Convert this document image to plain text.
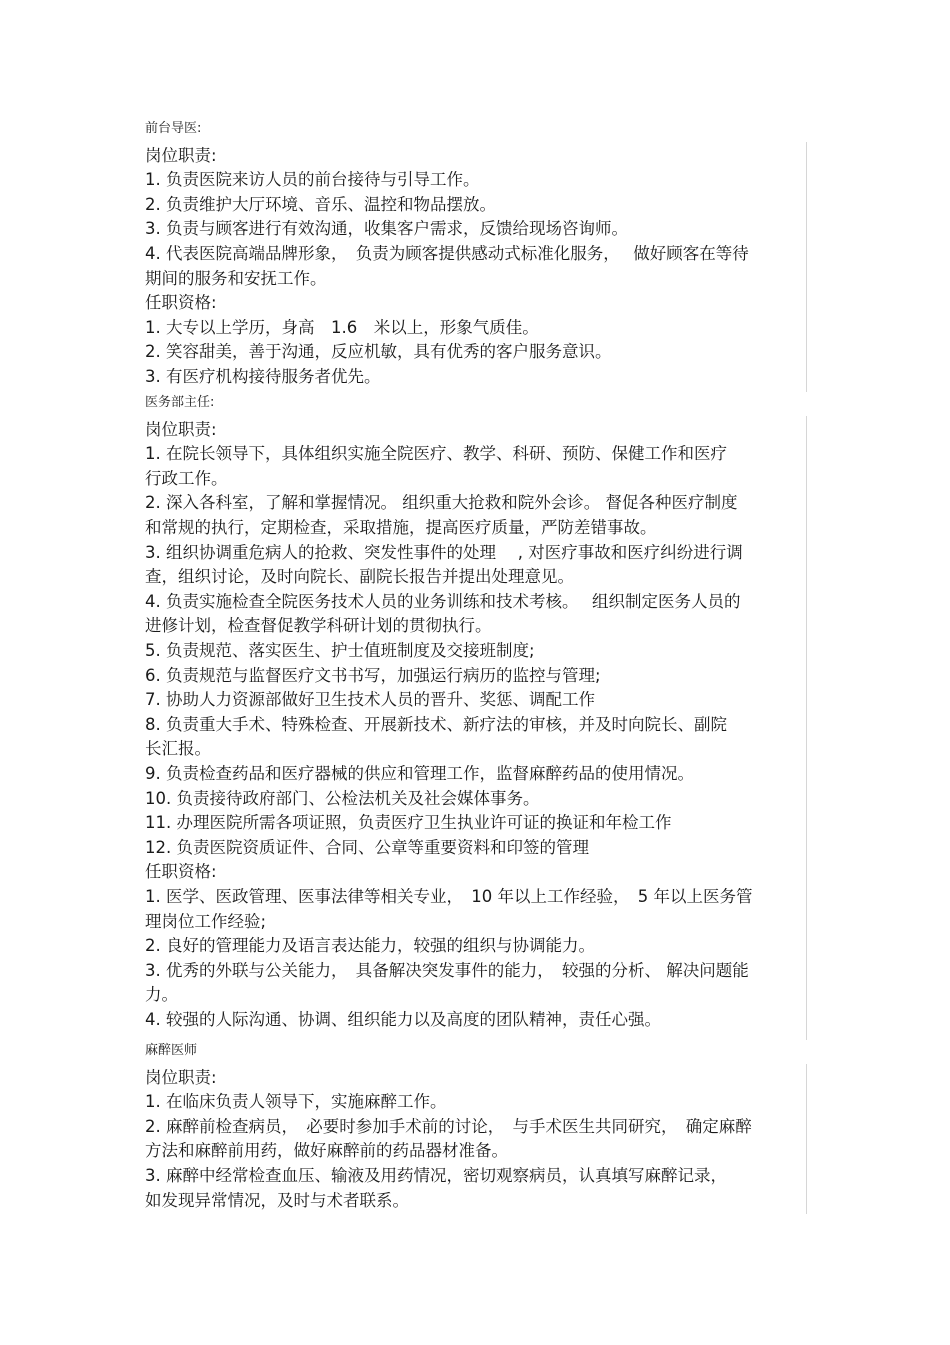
前台导医:
岗位职责:
1. 负责医院来访人员的前台接待与引导工作。
2. 负责维护大厅环境、音乐、温控和物品摆放。
3. 负责与顾客进行有效沟通，收集客户需求，反馈给现场咨询师。
4. 代表医院高端品牌形象，　负责为顾客提供感动式标准化服务，　 做好顾客在等待
期间的服务和安抚工作。
任职资格:
1. 大专以上学历，身高　1.6　米以上，形象气质佳。
2. 笑容甜美，善于沟通，反应机敏，具有优秀的客户服务意识。
3. 有医疗机构接待服务者优先。
医务部主任:
岗位职责:
1. 在院长领导下，具体组织实施全院医疗、教学、科研、预防、保健工作和医疗
行政工作。
2. 深入各科室，了解和掌握情况。 组织重大抢救和院外会诊。 督促各种医疗制度
和常规的执行，定期检查，采取措施，提高医疗质量，严防差错事故。
3. 组织协调重危病人的抢救、突发性事件的处理　 , 对医疗事故和医疗纠纷进行调
查，组织讨论，及时向院长、副院长报告并提出处理意见。
4. 负责实施检查全院医务技术人员的业务训练和技术考核。　 组织制定医务人员的
进修计划，检查督促教学科研计划的贯彻执行。
5. 负责规范、落实医生、护士值班制度及交接班制度;
6. 负责规范与监督医疗文书书写，加强运行病历的监控与管理;
7. 协助人力资源部做好卫生技术人员的晋升、奖惩、调配工作
8. 负责重大手术、特殊检查、开展新技术、新疗法的审核，并及时向院长、副院
长汇报。
9. 负责检查药品和医疗器械的供应和管理工作，监督麻醉药品的使用情况。
10. 负责接待政府部门、公检法机关及社会媒体事务。
11. 办理医院所需各项证照，负责医疗卫生执业许可证的换证和年检工作
12. 负责医院资质证件、合同、公章等重要资料和印签的管理
任职资格:
1. 医学、医政管理、医事法律等相关专业，　10 年以上工作经验，　5 年以上医务管
理岗位工作经验;
2. 良好的管理能力及语言表达能力，较强的组织与协调能力。
3. 优秀的外联与公关能力，　具备解决突发事件的能力，　较强的分析、 解决问题能
力。
4. 较强的人际沟通、协调、组织能力以及高度的团队精神，责任心强。
麻醉医师
岗位职责:
1. 在临床负责人领导下，实施麻醉工作。
2. 麻醉前检查病员，　必要时参加手术前的讨论，　与手术医生共同研究，　确定麻醉
方法和麻醉前用药，做好麻醉前的药品器材准备。
3. 麻醉中经常检查血压、输液及用药情况，密切观察病员，认真填写麻醉记录，
如发现异常情况，及时与术者联系。
